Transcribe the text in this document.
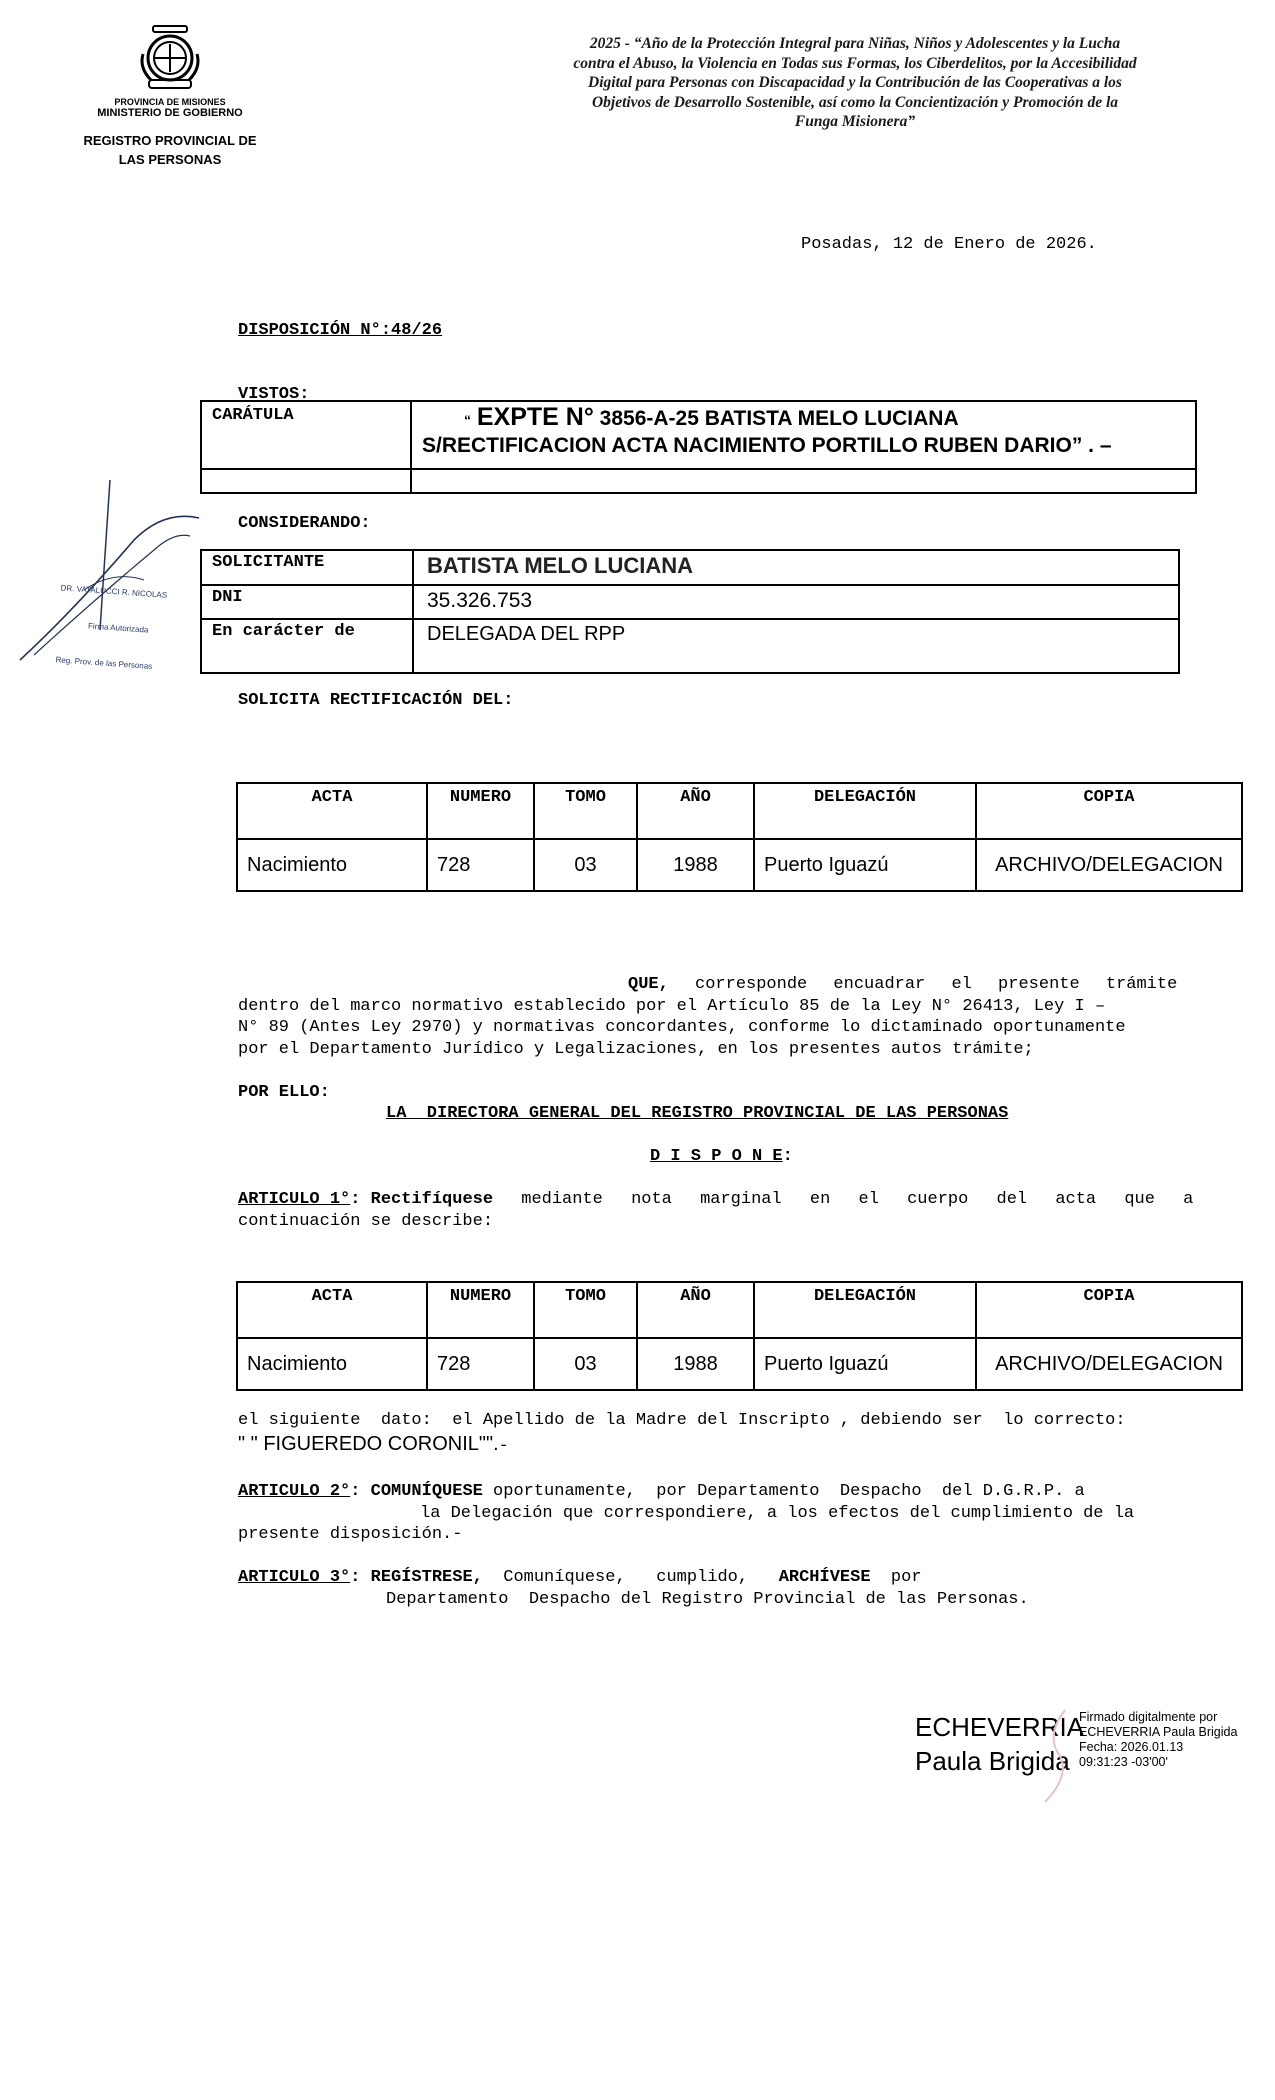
PROVINCIA DE MISIONES
MINISTERIO DE GOBIERNO
REGISTRO PROVINCIAL DE
LAS PERSONAS
2025 - “Año de la Protección Integral para Niñas, Niños y Adolescentes y la Lucha
contra el Abuso, la Violencia en Todas sus Formas, los Ciberdelitos, por la Accesibilidad
Digital para Personas con Discapacidad y la Contribución de las Cooperativas a los
Objetivos de Desarrollo Sostenible, así como la Concientización y Promoción de la
Funga Misionera”
Posadas, 12 de Enero de 2026.
DISPOSICIÓN N°:48/26
VISTOS:
CARÁTULA	“ EXPTE N° 3856-A-25 BATISTA MELO LUCIANA
S/RECTIFICACION ACTA NACIMIENTO PORTILLO RUBEN DARIO” . –

CONSIDERANDO:
SOLICITANTE	BATISTA MELO LUCIANA
DNI	35.326.753
En carácter de	DELEGADA DEL RPP
SOLICITA RECTIFICACIÓN DEL:
ACTA	NUMERO	TOMO	AÑO	DELEGACIÓN	COPIA
Nacimiento	728	03	1988	Puerto Iguazú	ARCHIVO/DELEGACION
QUE, corresponde encuadrar el presente trámite
dentro del marco normativo establecido por el Artículo 85 de la Ley N° 26413, Ley I –
N° 89 (Antes Ley 2970) y normativas concordantes, conforme lo dictaminado oportunamente
por el Departamento Jurídico y Legalizaciones, en los presentes autos trámite;
POR ELLO:
LA  DIRECTORA GENERAL DEL REGISTRO PROVINCIAL DE LAS PERSONAS
D I S P O N E:
ARTICULO 1°: Rectifíquese mediante nota marginal en el cuerpo del acta que a
continuación se describe:
ACTA	NUMERO	TOMO	AÑO	DELEGACIÓN	COPIA
Nacimiento	728	03	1988	Puerto Iguazú	ARCHIVO/DELEGACION
el siguiente  dato:  el Apellido de la Madre del Inscripto , debiendo ser  lo correcto:
" " FIGUEREDO CORONIL"".-
ARTICULO 2°: COMUNÍQUESE oportunamente,  por Departamento  Despacho  del D.G.R.P. a
la Delegación que correspondiere, a los efectos del cumplimiento de la
presente disposición.-
ARTICULO 3°: REGÍSTRESE,  Comuníquese,   cumplido,   ARCHÍVESE  por
Departamento  Despacho del Registro Provincial de las Personas.

DR. VATALUCCI R. NICOLAS

Firma Autorizada

Reg. Prov. de las Personas

ECHEVERRIA
Paula Brigida
Firmado digitalmente por
ECHEVERRIA Paula Brigida
Fecha: 2026.01.13
09:31:23 -03'00'
